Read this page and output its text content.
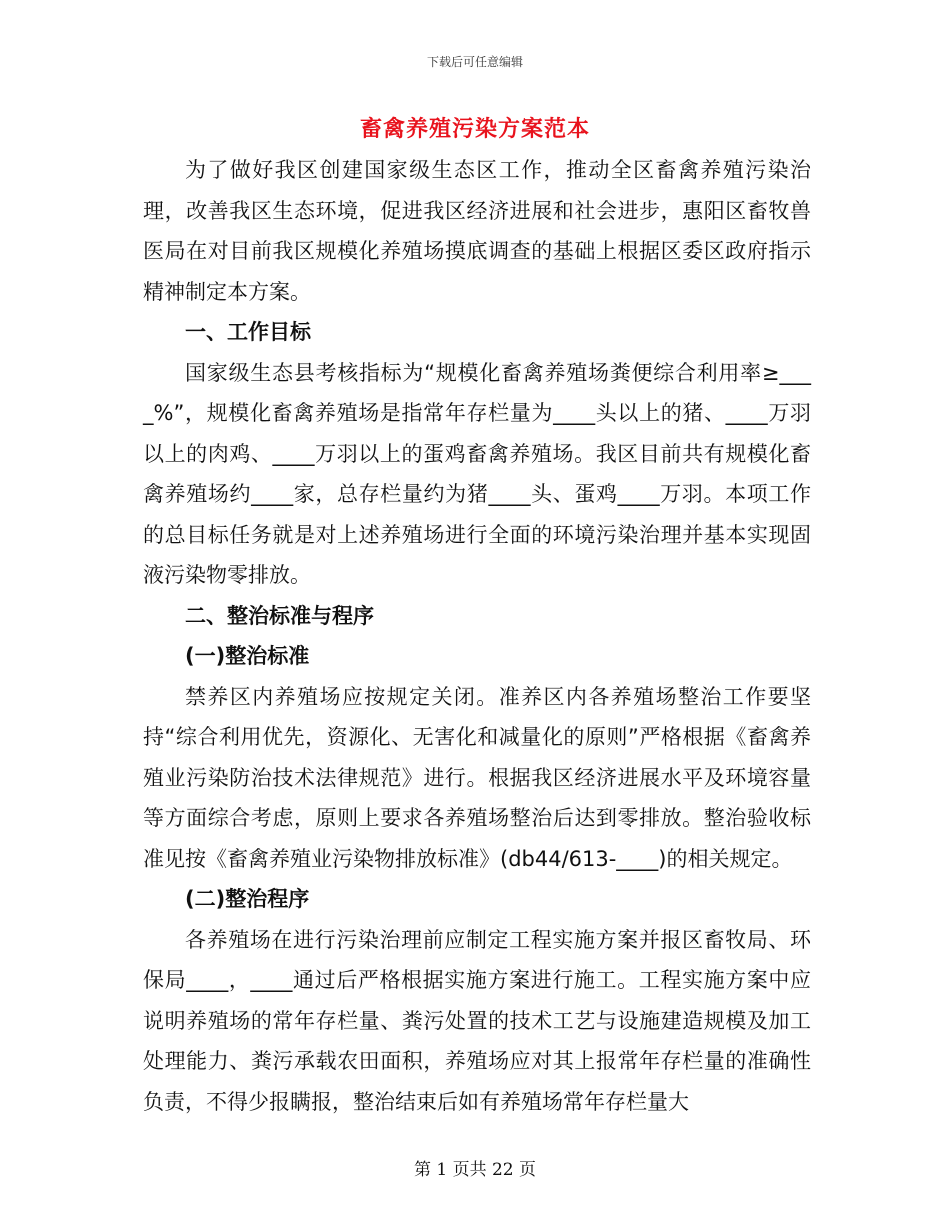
下载后可任意编辑
畜禽养殖污染方案范本

为了做好我区创建国家级生态区工作，推动全区畜禽养殖污染治理，改善我区生态环境，促进我区经济进展和社会进步，惠阳区畜牧兽医局在对目前我区规模化养殖场摸底调查的基础上根据区委区政府指示精神制定本方案。

一、工作目标

国家级生态县考核指标为“规模化畜禽养殖场粪便综合利用率≥____%”，规模化畜禽养殖场是指常年存栏量为____头以上的猪、____万羽以上的肉鸡、____万羽以上的蛋鸡畜禽养殖场。我区目前共有规模化畜禽养殖场约____家，总存栏量约为猪____头、蛋鸡____万羽。本项工作的总目标任务就是对上述养殖场进行全面的环境污染治理并基本实现固液污染物零排放。

二、整治标准与程序

(一)整治标准

禁养区内养殖场应按规定关闭。准养区内各养殖场整治工作要坚持“综合利用优先，资源化、无害化和减量化的原则”严格根据《畜禽养殖业污染防治技术法律规范》进行。根据我区经济进展水平及环境容量等方面综合考虑，原则上要求各养殖场整治后达到零排放。整治验收标准见按《畜禽养殖业污染物排放标准》(db44/613-____)的相关规定。

(二)整治程序

各养殖场在进行污染治理前应制定工程实施方案并报区畜牧局、环保局____，____通过后严格根据实施方案进行施工。工程实施方案中应说明养殖场的常年存栏量、粪污处置的技术工艺与设施建造规模及加工处理能力、粪污承载农田面积，养殖场应对其上报常年存栏量的准确性负责，不得少报瞒报，整治结束后如有养殖场常年存栏量大

第 1 页共 22 页
